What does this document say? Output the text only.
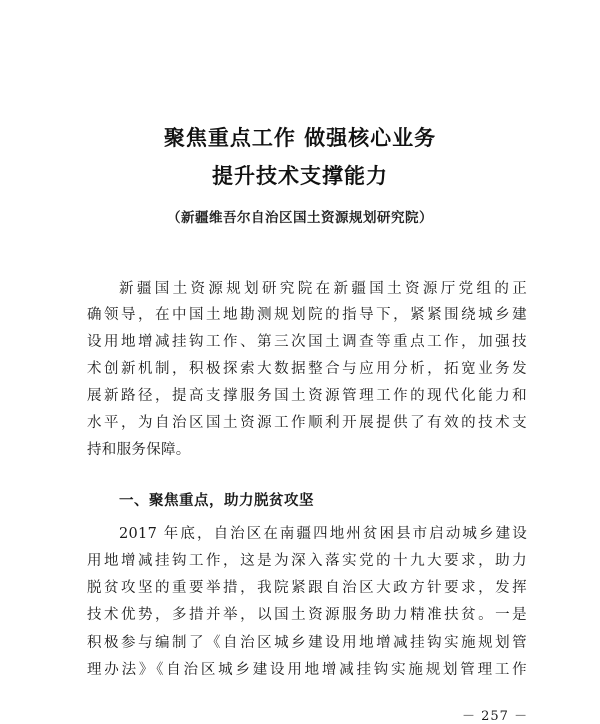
聚焦重点工作 做强核心业务
提升技术支撑能力
（新疆维吾尔自治区国土资源规划研究院）
新疆国土资源规划研究院在新疆国土资源厅党组的正
确领导，在中国土地勘测规划院的指导下，紧紧围绕城乡建
设用地增减挂钩工作、第三次国土调查等重点工作，加强技
术创新机制，积极探索大数据整合与应用分析，拓宽业务发
展新路径，提高支撑服务国土资源管理工作的现代化能力和
水平，为自治区国土资源工作顺利开展提供了有效的技术支
持和服务保障。
一、聚焦重点，助力脱贫攻坚
2017 年底，自治区在南疆四地州贫困县市启动城乡建设
用地增减挂钩工作，这是为深入落实党的十九大要求，助力
脱贫攻坚的重要举措，我院紧跟自治区大政方针要求，发挥
技术优势，多措并举，以国土资源服务助力精准扶贫。一是
积极参与编制了《自治区城乡建设用地增减挂钩实施规划管
理办法》《自治区城乡建设用地增减挂钩实施规划管理工作
－ 257 －
